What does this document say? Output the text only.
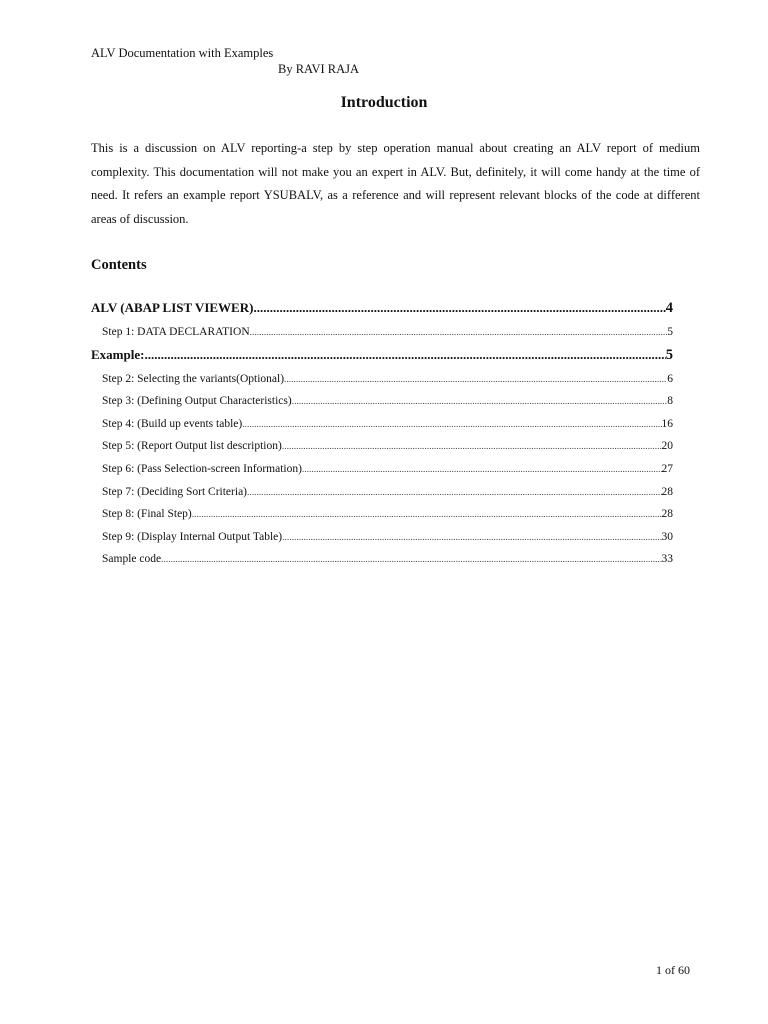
ALV Documentation with Examples
By RAVI RAJA
Introduction
This is a discussion on ALV reporting-a step by step operation manual about creating an ALV report of medium complexity. This documentation will not make you an expert in ALV. But, definitely, it will come handy at the time of need. It refers an example report YSUBALV, as a reference and will represent relevant blocks of the code at different areas of discussion.
Contents
ALV (ABAP LIST VIEWER) .....	4
Step 1: DATA DECLARATION .....	5
Example: .....	5
Step 2: Selecting the variants(Optional) .....	6
Step 3: (Defining Output Characteristics) .....	8
Step 4: (Build up events table) .....	16
Step 5: (Report Output list description) .....	20
Step 6: (Pass Selection-screen Information) .....	27
Step 7: (Deciding Sort Criteria) .....	28
Step 8: (Final Step) .....	28
Step 9: (Display Internal Output Table) .....	30
Sample code .....	33
1 of 60
